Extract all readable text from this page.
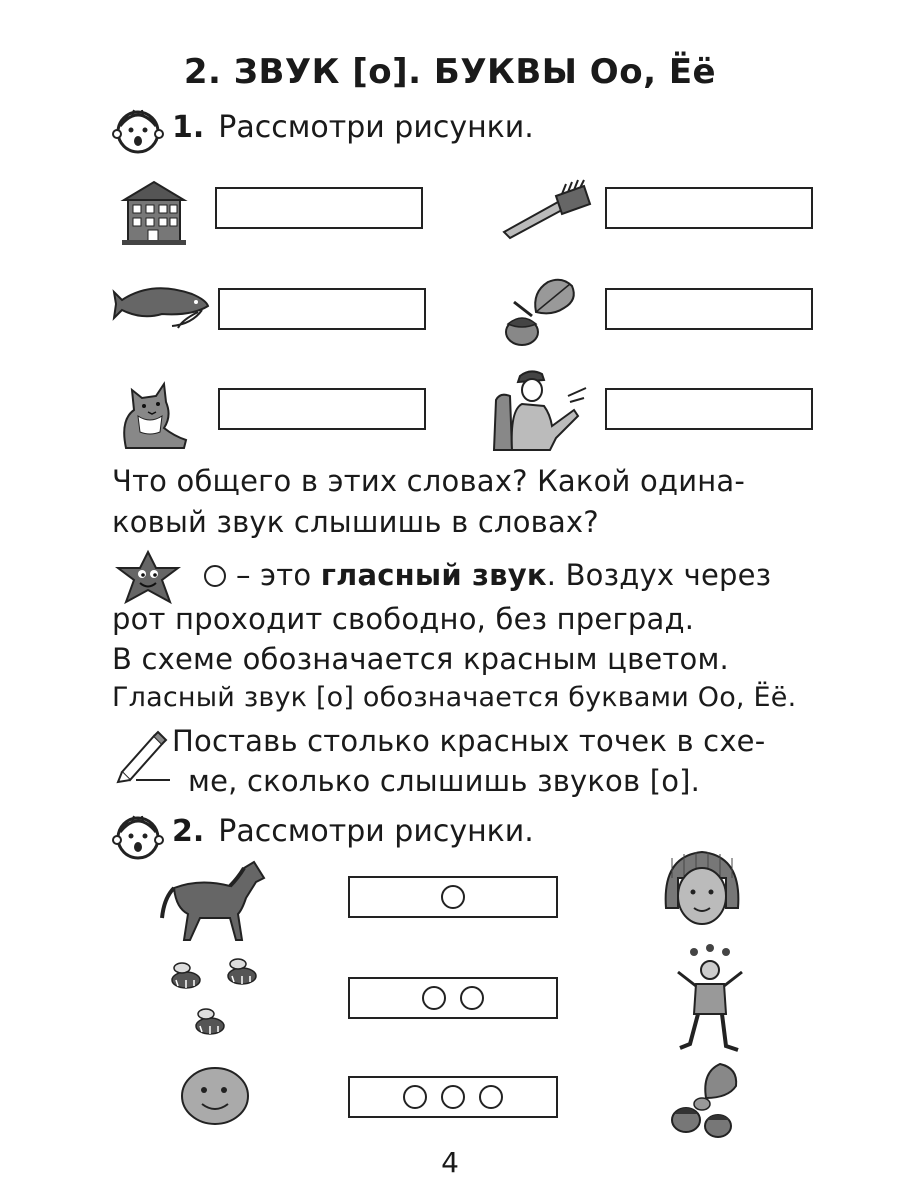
2. ЗВУК [о]. БУКВЫ Оо, Ёё
1. Рассмотри рисунки.
Что общего в этих словах? Какой одина-
ковый звук слышишь в словах?
– это гласный звук. Воздух через
рот проходит свободно, без преград.
В схеме обозначается красным цветом.
Гласный звук [о] обозначается буквами Оо, Ёё.
Поставь столько красных точек в схе-
ме, сколько слышишь звуков [о].
2. Рассмотри рисунки.
4
